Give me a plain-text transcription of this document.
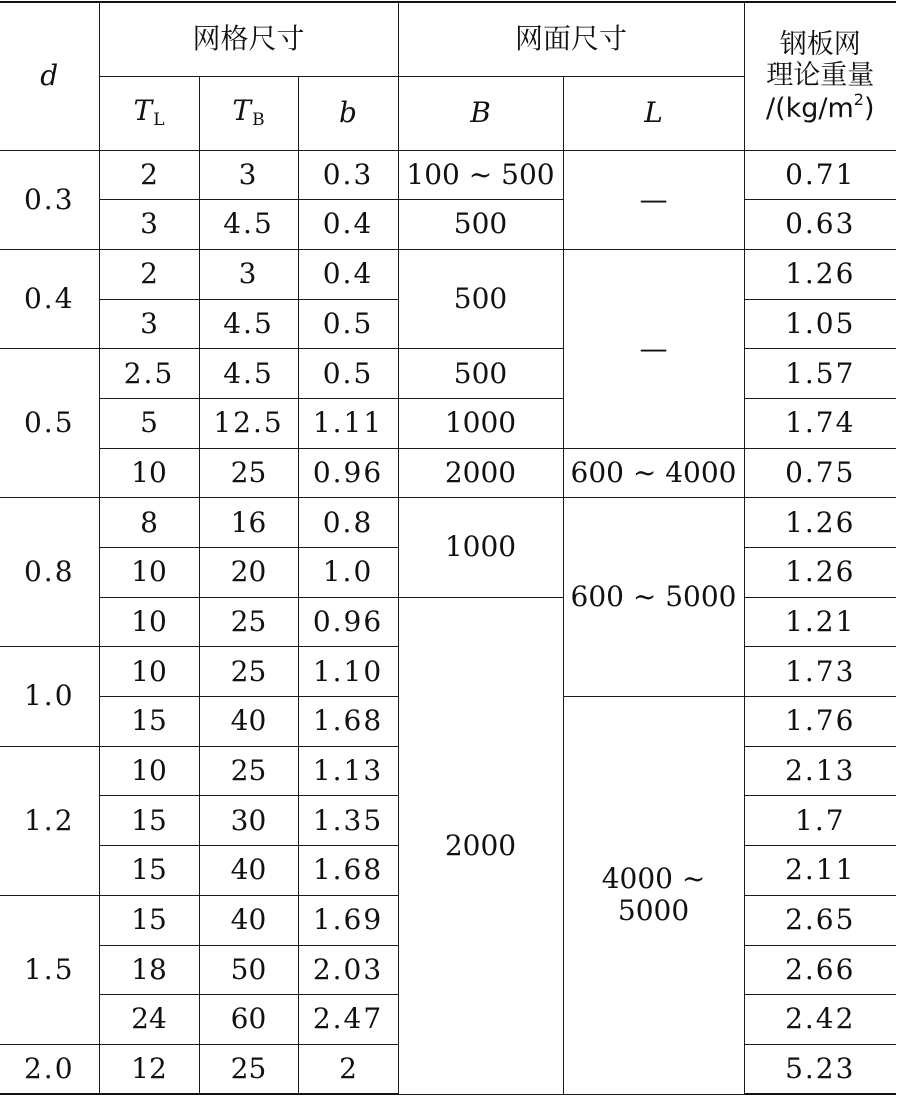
d	网格尺寸			网面尺寸		钢板网
理论重量
$/(kg/m^2)$

	$T_L$	$T_B$	b	B	L	
0.3	2	3	0.3	100 ~ 500	—	0.71
	3	4.5	0.4	500		0.63
0.4	2	3	0.4	500	—	1.26
	3	4.5	0.5			1.05
0.5	2.5	4.5	0.5	500		1.57
	5	12.5	1.11	1000		1.74
	10	25	0.96	2000	600 ~ 4000	0.75
0.8	8	16	0.8	1000	600 ~ 5000	1.26
	10	20	1.0			1.26
	10	25	0.96	2000		1.21
1.0	10	25	1.10			1.73
	15	40	1.68		4000 ~ 5000	1.76
1.2	10	25	1.13			2.13
	15	30	1.35			1.7
	15	40	1.68			2.11
1.5	15	40	1.69			2.65
	18	50	2.03			2.66
	24	60	2.47			2.42
2.0	12	25	2			5.23
